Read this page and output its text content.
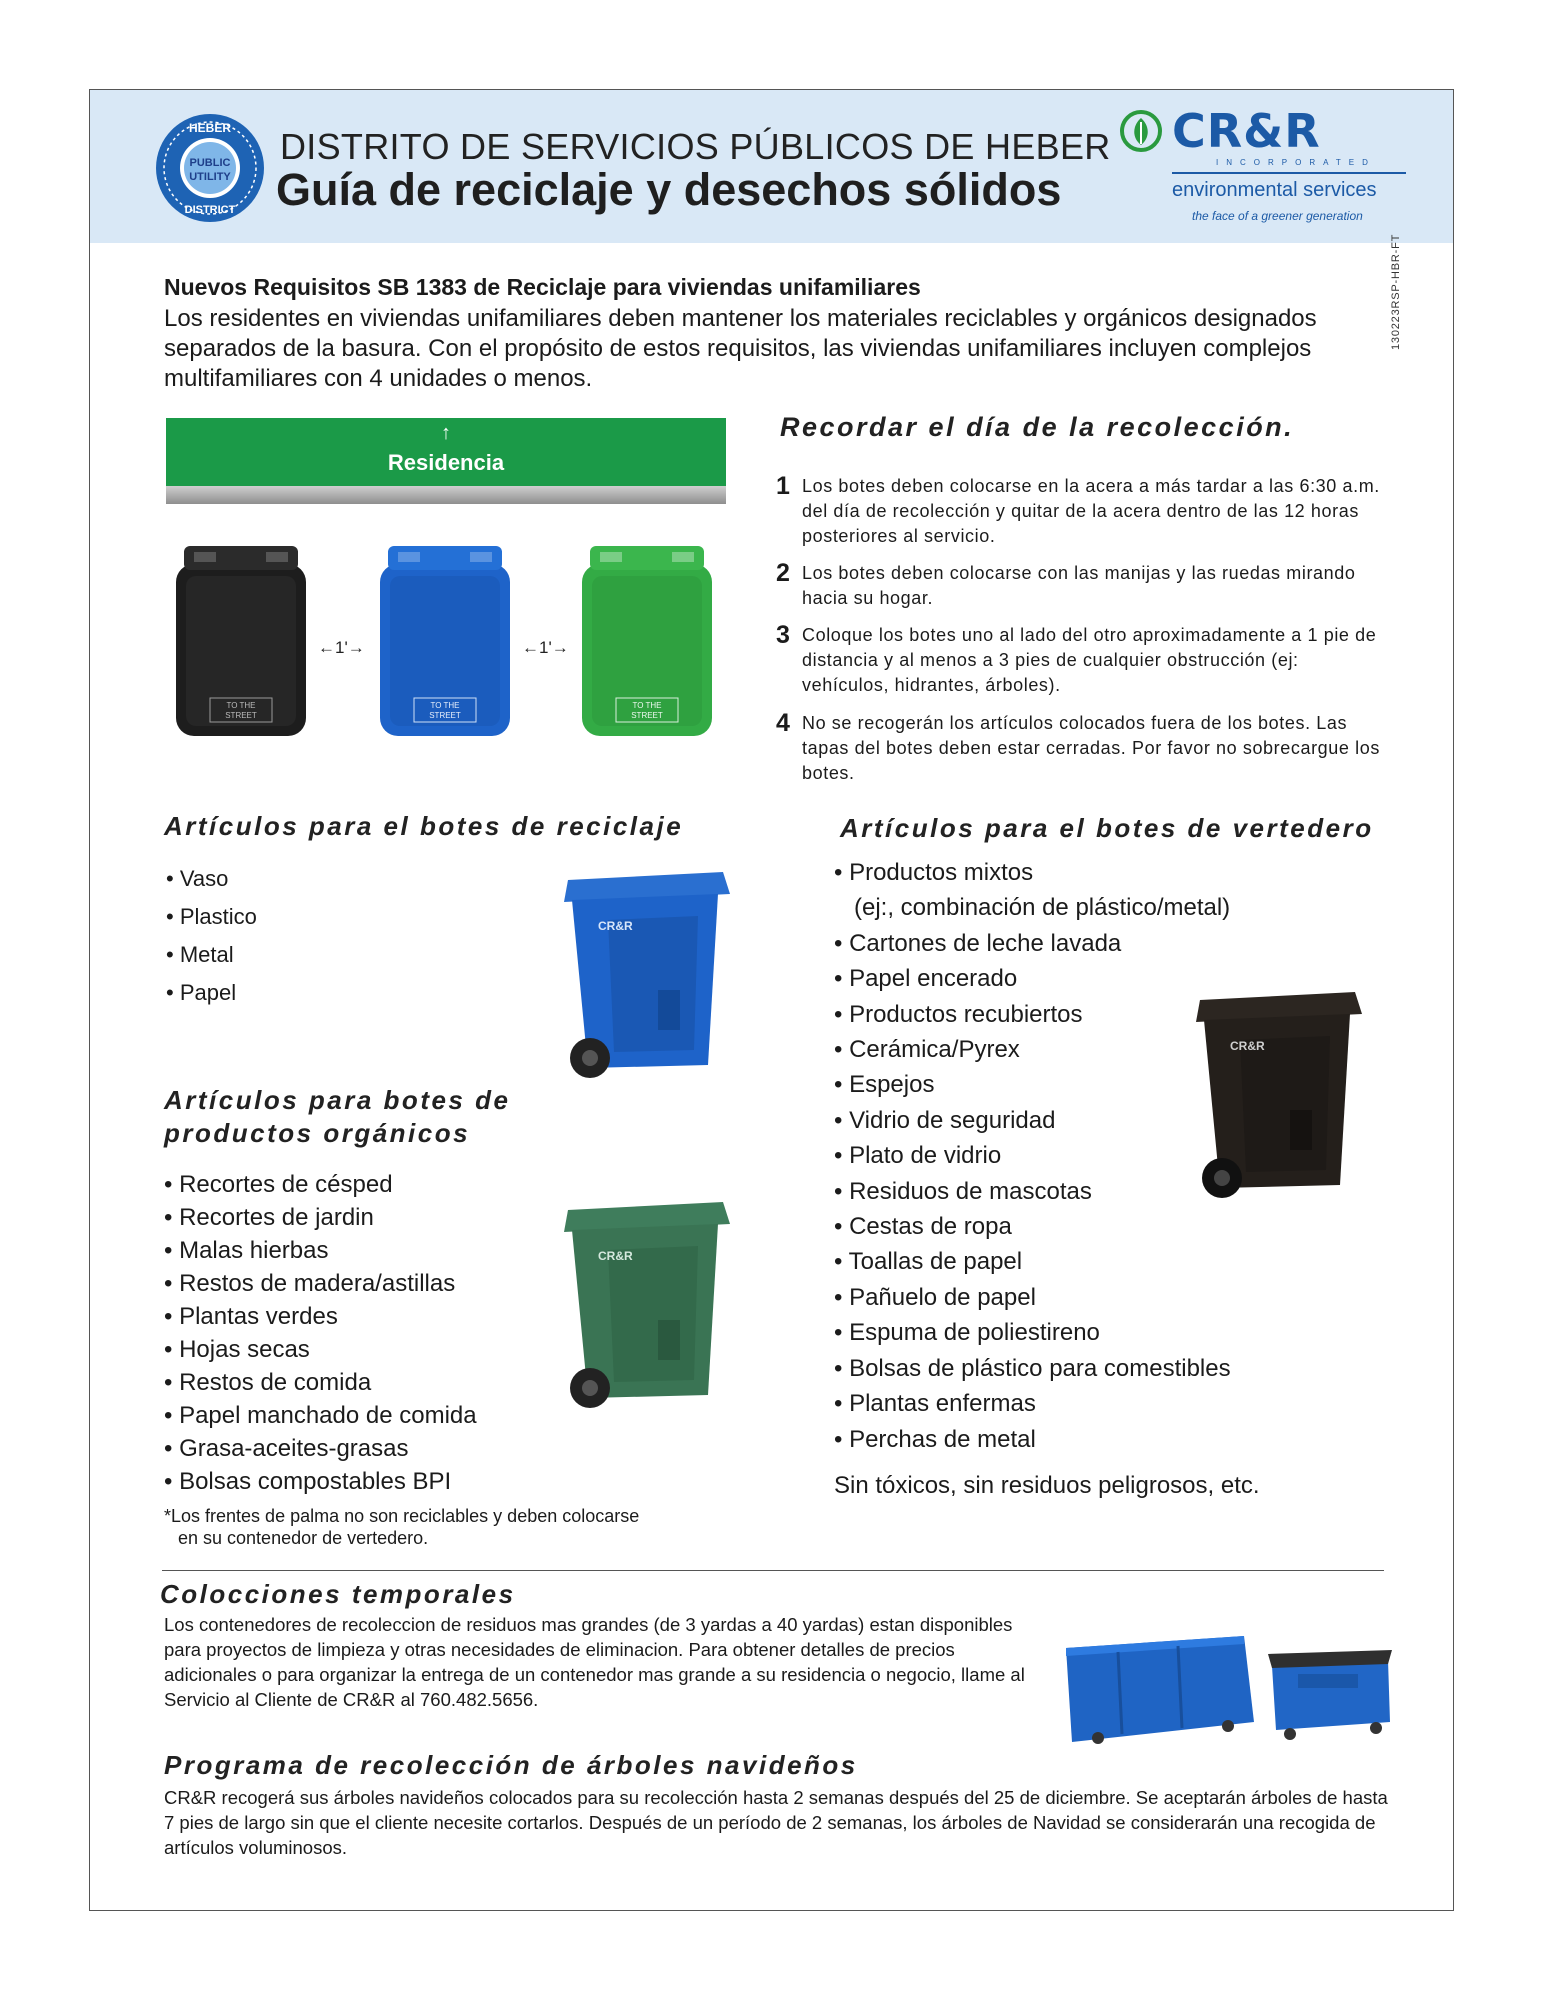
HEBER
PUBLIC
UTILITY
DISTRICT
DISTRITO DE SERVICIOS PÚBLICOS DE HEBER
Guía de reciclaje y desechos sólidos
CR&R
INCORPORATED
environmental services
the face of a greener generation
130223RSP-HBR-FT
Nuevos Requisitos SB 1383 de Reciclaje para viviendas unifamiliares
Los residentes en viviendas unifamiliares deben mantener los materiales reciclables y orgánicos designados separados de la basura. Con el propósito de estos requisitos, las viviendas unifamiliares incluyen complejos multifamiliares con 4 unidades o menos.
↑
Residencia
TO THE
STREET
←1'→
TO THE
STREET
←1'→
TO THE
STREET
Recordar el día de la recolección.
1 Los botes deben colocarse en la acera a más tardar a las 6:30 a.m. del día de recolección y quitar de la acera dentro de las 12 horas posteriores al servicio.
2 Los botes deben colocarse con las manijas y las ruedas mirando hacia su hogar.
3 Coloque los botes uno al lado del otro aproximadamente a 1 pie de distancia y al menos a 3 pies de cualquier obstrucción (ej: vehículos, hidrantes, árboles).
4 No se recogerán los artículos colocados fuera de los botes. Las tapas del botes deben estar cerradas. Por favor no sobrecargue los botes.
Artículos para el botes de reciclaje
• Vaso
• Plastico
• Metal
• Papel
CR&R
Artículos para botes de
productos orgánicos
• Recortes de césped
• Recortes de jardin
• Malas hierbas
• Restos de madera/astillas
• Plantas verdes
• Hojas secas
• Restos de comida
• Papel manchado de comida
• Grasa-aceites-grasas
• Bolsas compostables BPI
CR&R
*Los frentes de palma no son reciclables y deben colocarse
en su contenedor de vertedero.
Artículos para el botes de vertedero
• Productos mixtos
(ej:, combinación de plástico/metal)
• Cartones de leche lavada
• Papel encerado
• Productos recubiertos
• Cerámica/Pyrex
• Espejos
• Vidrio de seguridad
• Plato de vidrio
• Residuos de mascotas
• Cestas de ropa
• Toallas de papel
• Pañuelo de papel
• Espuma de poliestireno
• Bolsas de plástico para comestibles
• Plantas enfermas
• Perchas de metal
CR&R
Sin tóxicos, sin residuos peligrosos, etc.
Colocciones temporales
Los contenedores de recoleccion de residuos mas grandes (de 3 yardas a 40 yardas) estan disponibles para proyectos de limpieza y otras necesidades de eliminacion. Para obtener detalles de precios adicionales o para organizar la entrega de un contenedor mas grande a su residencia o negocio, llame al Servicio al Cliente de CR&R al 760.482.5656.
Programa de recolección de árboles navideños
CR&R recogerá sus árboles navideños colocados para su recolección hasta 2 semanas después del 25 de diciembre. Se aceptarán árboles de hasta 7 pies de largo sin que el cliente necesite cortarlos. Después de un período de 2 semanas, los árboles de Navidad se considerarán una recogida de artículos voluminosos.
